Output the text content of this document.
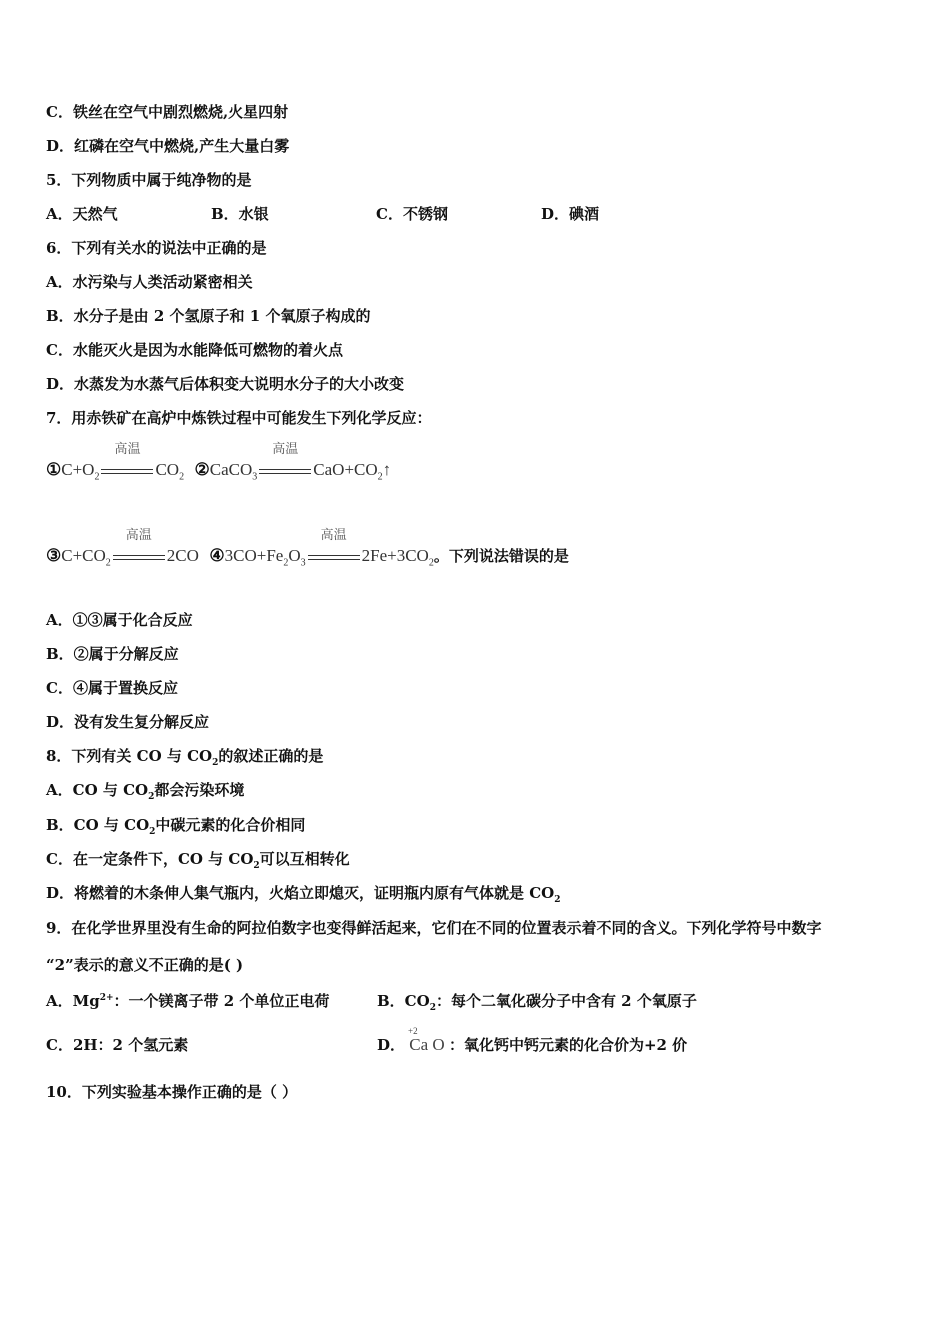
C．铁丝在空气中剧烈燃烧,火星四射
D．红磷在空气中燃烧,产生大量白雾
5．下列物质中属于纯净物的是
A．天然气	B．水银	C．不锈钢	D．碘酒
6．下列有关水的说法中正确的是
A．水污染与人类活动紧密相关
B．水分子是由 2 个氢原子和 1 个氧原子构成的
C．水能灭火是因为水能降低可燃物的着火点
D．水蒸发为水蒸气后体积变大说明水分子的大小改变
7．用赤铁矿在高炉中炼铁过程中可能发生下列化学反应：
$①C+O_2$
高温
$CO_2$ ②CaCO$_3$
高温
$CaO+CO_2↑$
$③C+CO_2$
高温
2CO $④3CO+Fe_2O_3$
高温
$2Fe+3CO_2$。下列说法错误的是
A．①③属于化合反应
B．②属于分解反应
C．④属于置换反应
D．没有发生复分解反应
8．下列有关 CO 与 $CO_2$的叙述正确的是
A．CO 与 $CO_2$都会污染环境
B．CO 与 $CO_2$中碳元素的化合价相同
C．在一定条件下，CO 与 $CO_2$可以互相转化
D．将燃着的木条伸人集气瓶内，火焰立即熄灭，证明瓶内原有气体就是 $CO_2$
9．在化学世界里没有生命的阿拉伯数字也变得鲜活起来，它们在不同的位置表示着不同的含义。下列化学符号中数字
“2”表示的意义不正确的是( )
A．$Mg^{2+}$：一个镁离子带 2 个单位正电荷	B．$CO_2$：每个二氧化碳分子中含有 2 个氧原子
C．2H：2 个氢元素	D．
+2
Ca O ：氧化钙中钙元素的化合价为+2 价
10．下列实验基本操作正确的是（ ）
